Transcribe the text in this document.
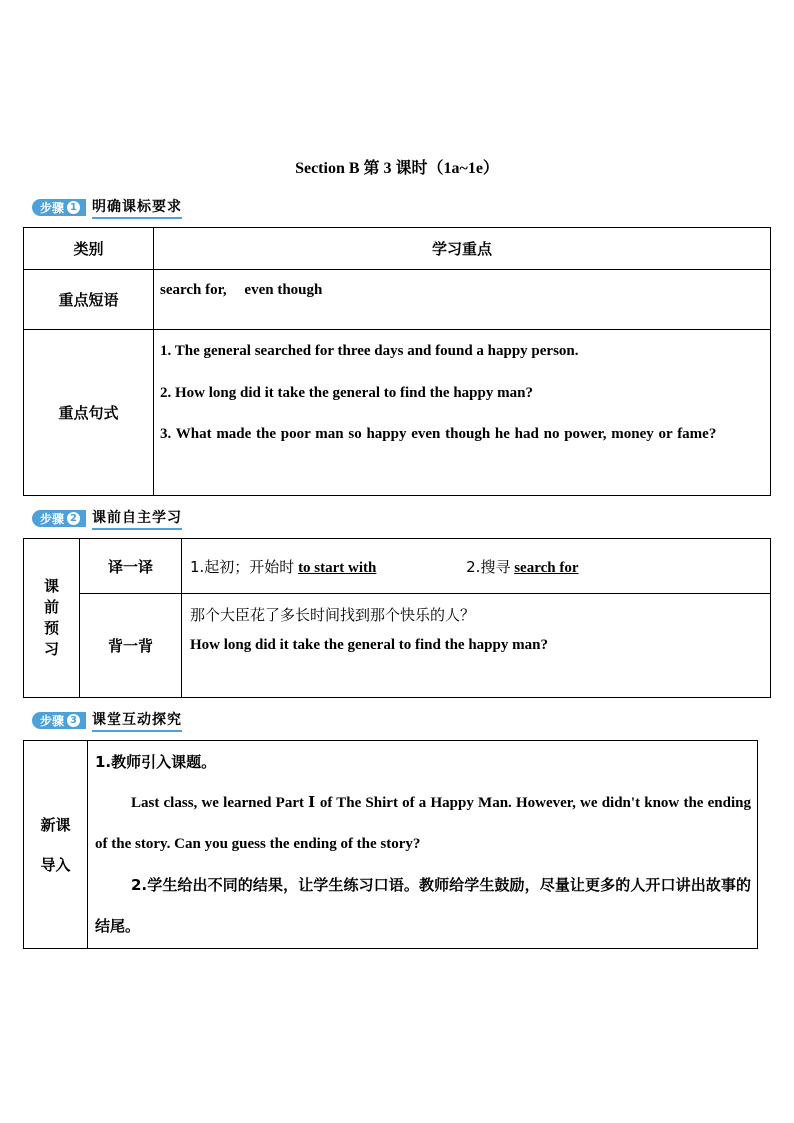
Section B 第 3 课时（1a~1e）
步骤 1 明确课标要求
类别	学习重点
重点短语	search for, even though
重点句式	1. The general searched for three days and found a happy person.
2. How long did it take the general to find the happy man?
3. What made the poor man so happy even though he had no power, money or fame?
步骤 2 课前自主学习
课
前
预
习	译一译	1.起初；开始时 to start with 2.搜寻 search for
	背一背	那个大臣花了多长时间找到那个快乐的人？
How long did it take the general to find the happy man?
步骤 3 课堂互动探究
新课
导入

1.教师引入课题。
Last class, we learned Part Ⅰ of The Shirt of a Happy Man. However, we didn't know the ending of the story. Can you guess the ending of the story?
2.学生给出不同的结果，让学生练习口语。教师给学生鼓励，尽量让更多的人开口讲出故事的结尾。
